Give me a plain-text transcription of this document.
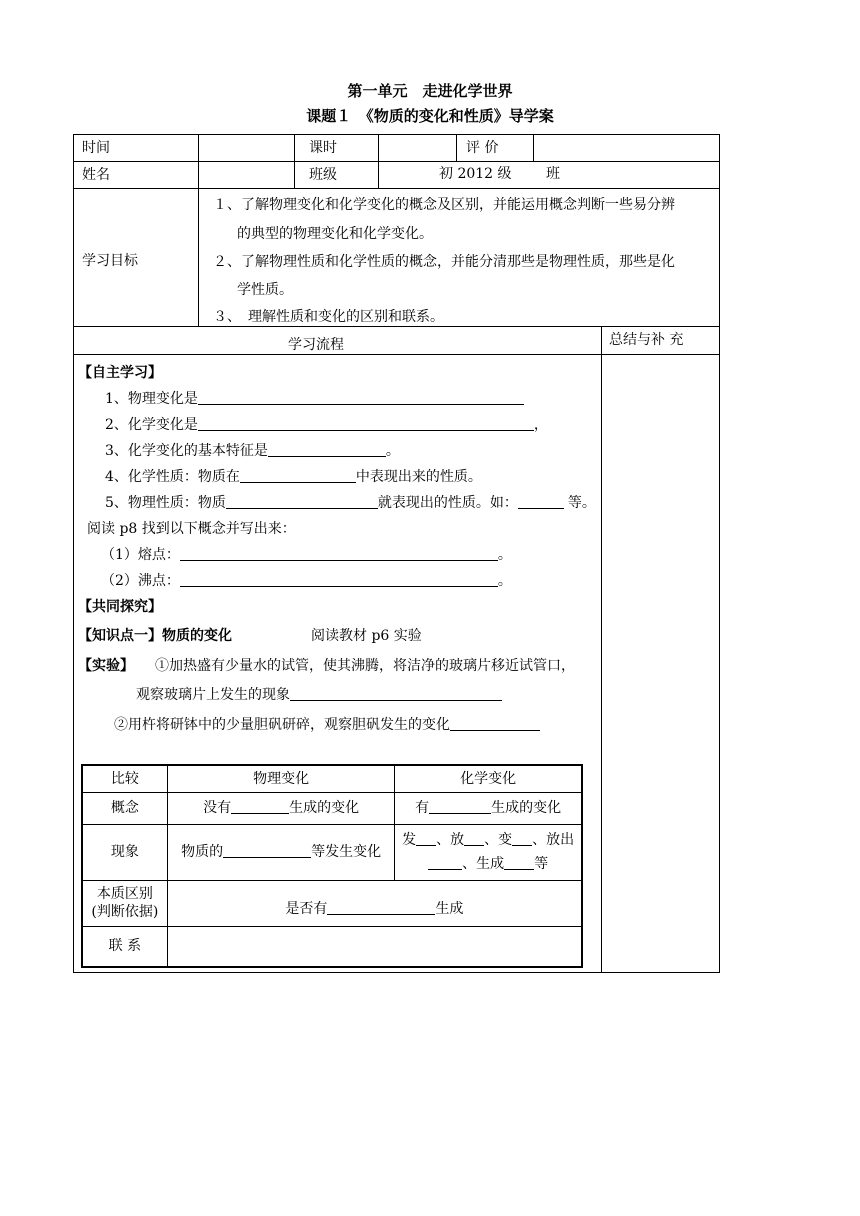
第一单元　走进化学世界
课题１　《物质的变化和性质》导学案
时间	课时	评 价
姓名	班级	初 2012 级 班
学习目标
１、了解物理变化和化学变化的概念及区别，并能运用概念判断一些易分辨
的典型的物理变化和化学变化。
２、了解物理性质和化学性质的概念，并能分清那些是物理性质，那些是化
学性质。
３、　理解性质和变化的区别和联系。
学习流程	总结与补 充
【自主学习】
1、物理变化是
2、化学变化是	，
3、化学变化的基本特征是	。
4、化学性质：物质在	中表现出来的性质。
5、物理性质：物质	就表现出的性质。如：	等。
阅读 p8 找到以下概念并写出来：
（1）熔点：	。
（2）沸点：	。
【共同探究】
【知识点一】物质的变化	阅读教材 p6 实验
【实验】 ①加热盛有少量水的试管，使其沸腾，将洁净的玻璃片移近试管口，
观察玻璃片上发生的现象
②用杵将研钵中的少量胆矾研碎，观察胆矾发生的变化
比较	物理变化	化学变化
概念	没有 生成的变化	有 生成的变化
现象	物质的 等发生变化	发 、放 、变 、放出
、生成 等
本质区别
(判断依据)	是否有 生成	
联 系		
